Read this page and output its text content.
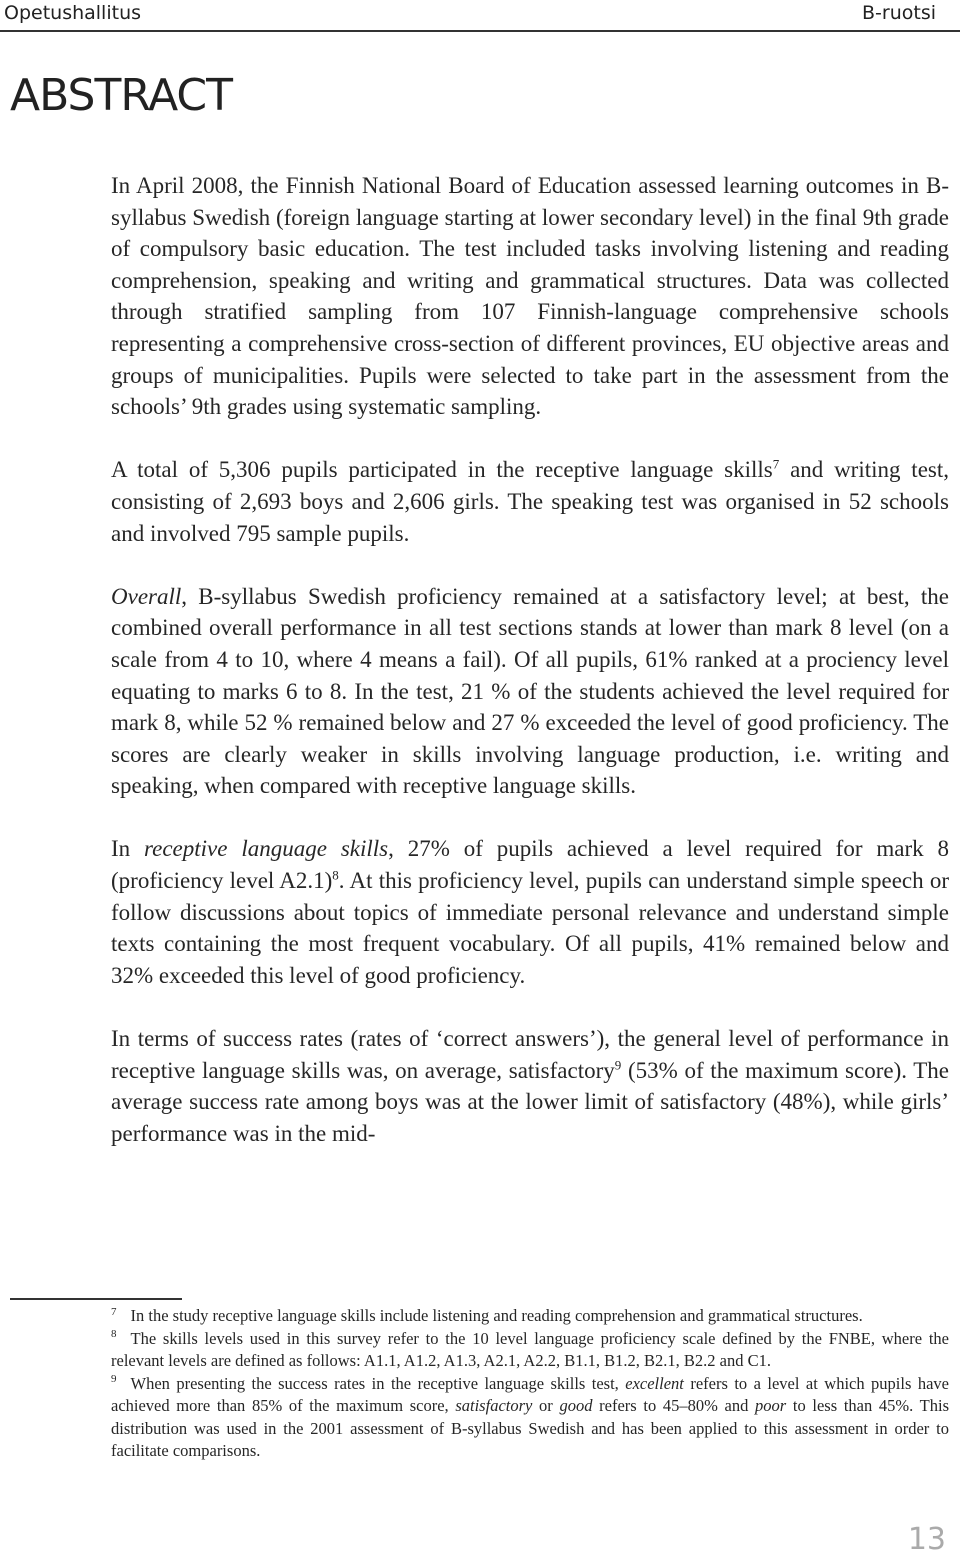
Opetushallitus	B-ruotsi
ABSTRACT

In April 2008, the Finnish National Board of Education assessed learning outcomes in B-syllabus Swedish (foreign language starting at lower secondary level) in the final 9th grade of compulsory basic education. The test included tasks involving listening and reading comprehension, speaking and writing and grammatical structures. Data was collected through stratified sampling from 107 Finnish-language comprehensive schools representing a comprehensive cross-section of different provinces, EU objective areas and groups of municipalities. Pupils were selected to take part in the assessment from the schools’ 9th grades using systematic sampling.

A total of 5,306 pupils participated in the receptive language skills$^7$ and writing test, consisting of 2,693 boys and 2,606 girls. The speaking test was organised in 52 schools and involved 795 sample pupils.

Overall, B-syllabus Swedish proficiency remained at a satisfactory level; at best, the combined overall performance in all test sections stands at lower than mark 8 level (on a scale from 4 to 10, where 4 means a fail). Of all pupils, 61% ranked at a prociency level equating to marks 6 to 8. In the test, 21 % of the students achieved the level required for mark 8, while 52 % remained below and 27 % exceeded the level of good proficiency. The scores are clearly weaker in skills involving language production, i.e. writing and speaking, when compared with receptive language skills.

In receptive language skills, 27% of pupils achieved a level required for mark 8 (proficiency level A2.1)$^8$. At this proficiency level, pupils can understand simple speech or follow discussions about topics of immediate personal relevance and understand simple texts containing the most frequent vocabulary. Of all pupils, 41% remained below and 32% exceeded this level of good proficiency.

In terms of success rates (rates of ‘correct answers’), the general level of performance in receptive language skills was, on average, satisfactory$^9$ (53% of the maximum score). The average success rate among boys was at the lower limit of satisfactory (48%), while girls’ performance was in the mid-

$^7$ In the study receptive language skills include listening and reading comprehension and grammatical structures.

$^8$ The skills levels used in this survey refer to the 10 level language proficiency scale defined by the FNBE, where the relevant levels are defined as follows: A1.1, A1.2, A1.3, A2.1, A2.2, B1.1, B1.2, B2.1, B2.2 and C1.

$^9$ When presenting the success rates in the receptive language skills test, excellent refers to a level at which pupils have achieved more than 85% of the maximum score, satisfactory or good refers to 45–80% and poor to less than 45%. This distribution was used in the 2001 assessment of B-syllabus Swedish and has been applied to this assessment in order to facilitate comparisons.

13
